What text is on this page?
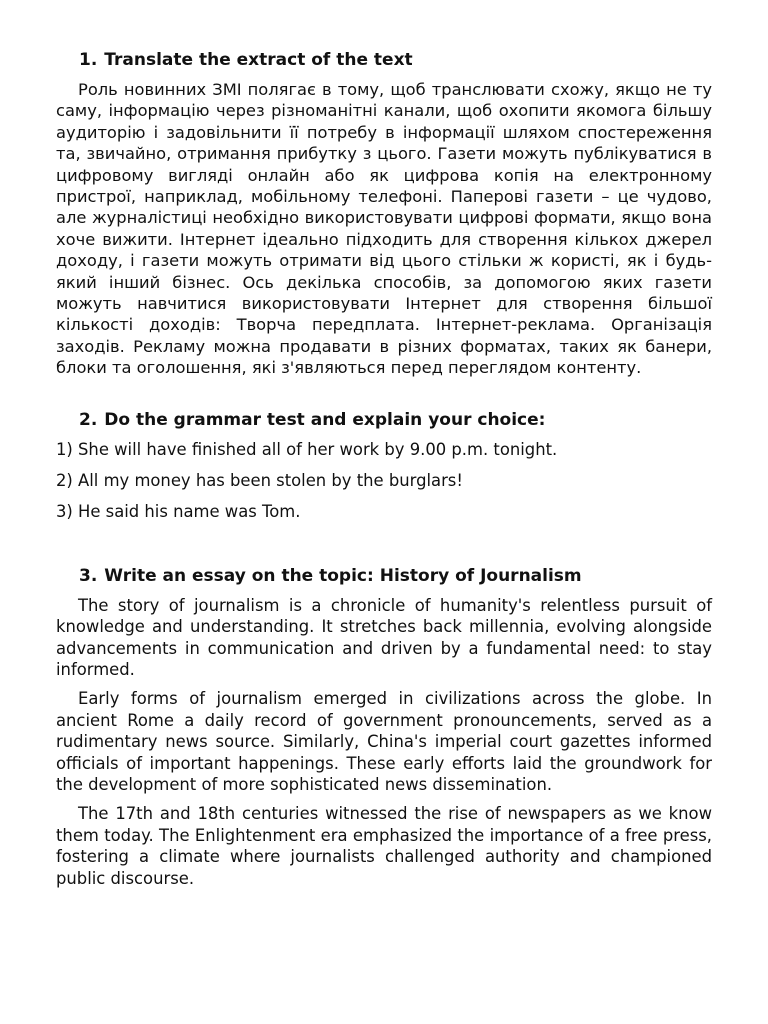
1. Translate the extract of the text

Роль новинних ЗМІ полягає в тому, щоб транслювати схожу, якщо не ту саму, інформацію через різноманітні канали, щоб охопити якомога більшу аудиторію і задовільнити її потребу в інформації шляхом спостереження та, звичайно, отримання прибутку з цього. Газети можуть публікуватися в цифровому вигляді онлайн або як цифрова копія на електронному пристрої, наприклад, мобільному телефоні. Паперові газети – це чудово, але журналістиці необхідно використовувати цифрові формати, якщо вона хоче вижити. Інтернет ідеально підходить для створення кількох джерел доходу, і газети можуть отримати від цього стільки ж користі, як і будь-який інший бізнес. Ось декілька способів, за допомогою яких газети можуть навчитися використовувати Інтернет для створення більшої кількості доходів: Творча передплата. Інтернет-реклама. Організація заходів. Рекламу можна продавати в різних форматах, таких як банери, блоки та оголошення, які з'являються перед переглядом контенту.

2. Do the grammar test and explain your choice:

1) She will have finished all of her work by 9.00 p.m. tonight.

2) All my money has been stolen by the burglars!

3) He said his name was Tom.

3. Write an essay on the topic: History of Journalism

The story of journalism is a chronicle of humanity's relentless pursuit of knowledge and understanding. It stretches back millennia, evolving alongside advancements in communication and driven by a fundamental need: to stay informed.

Early forms of journalism emerged in civilizations across the globe. In ancient Rome a daily record of government pronouncements, served as a rudimentary news source. Similarly, China's imperial court gazettes informed officials of important happenings. These early efforts laid the groundwork for the development of more sophisticated news dissemination.

The 17th and 18th centuries witnessed the rise of newspapers as we know them today. The Enlightenment era emphasized the importance of a free press, fostering a climate where journalists challenged authority and championed public discourse.
